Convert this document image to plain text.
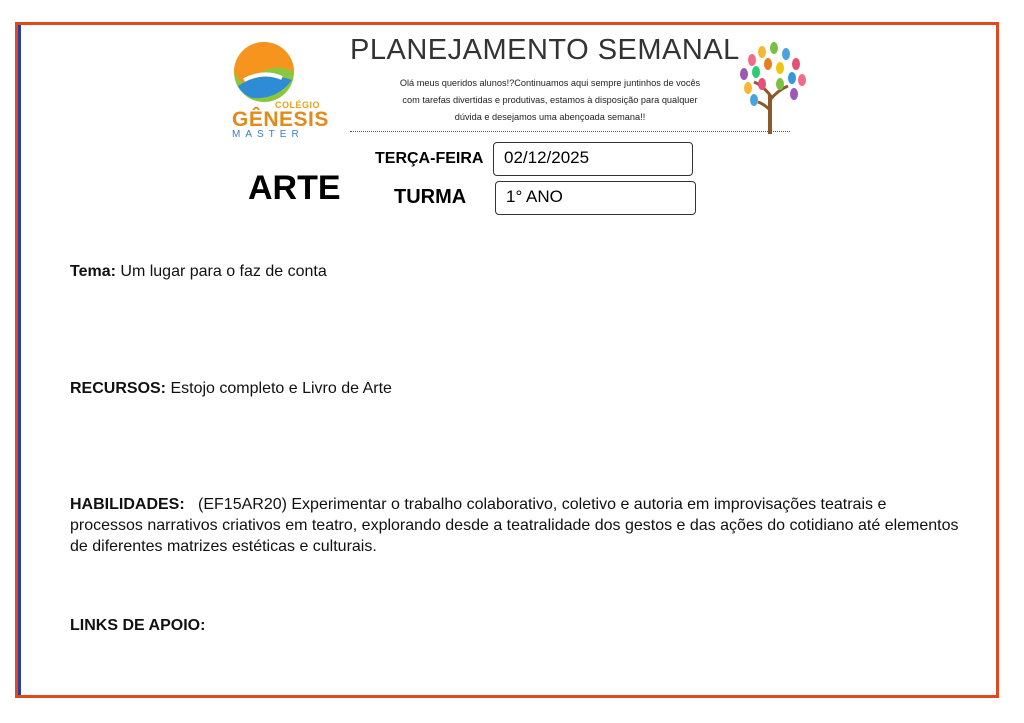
COLÉGIO
GÊNESIS
MASTER
PLANEJAMENTO SEMANAL
Olá meus queridos alunos!?Continuamos aqui sempre juntinhos de vocês
com tarefas divertidas e produtivas, estamos à disposição para qualquer
dúvida e desejamos uma abençoada semana!!
ARTE
TERÇA-FEIRA	02/12/2025
TURMA	1° ANO
Tema: Um lugar para o faz de conta
RECURSOS: Estojo completo e Livro de Arte
HABILIDADES: (EF15AR20) Experimentar o trabalho colaborativo, coletivo e autoria em improvisações teatrais e processos narrativos criativos em teatro, explorando desde a teatralidade dos gestos e das ações do cotidiano até elementos de diferentes matrizes estéticas e culturais.
LINKS DE APOIO:
